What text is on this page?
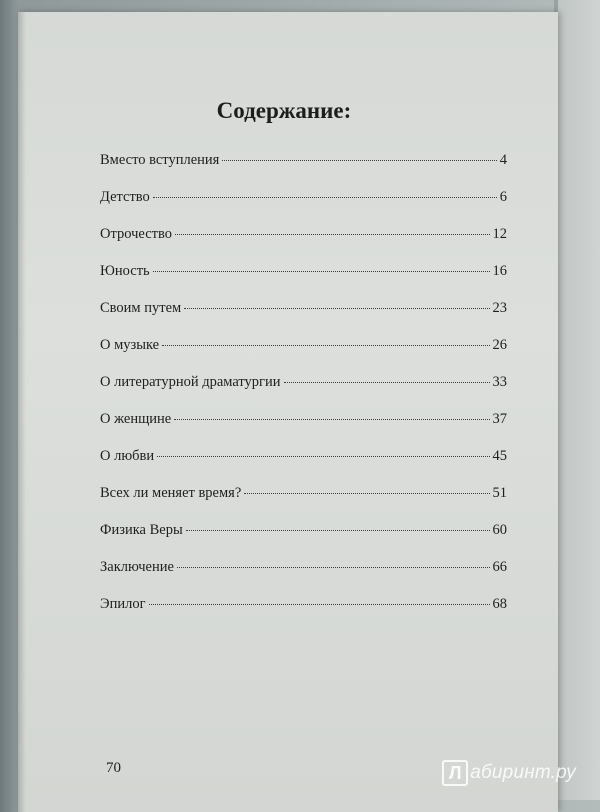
Содержание:
Вместо вступления	4
Детство	6
Отрочество	12
Юность	16
Своим путем	23
О музыке	26
О литературной драматургии	33
О женщине	37
О любви	45
Всех ли меняет время?	51
Физика Веры	60
Заключение	66
Эпилог	68
70	Л абиринт.ру
